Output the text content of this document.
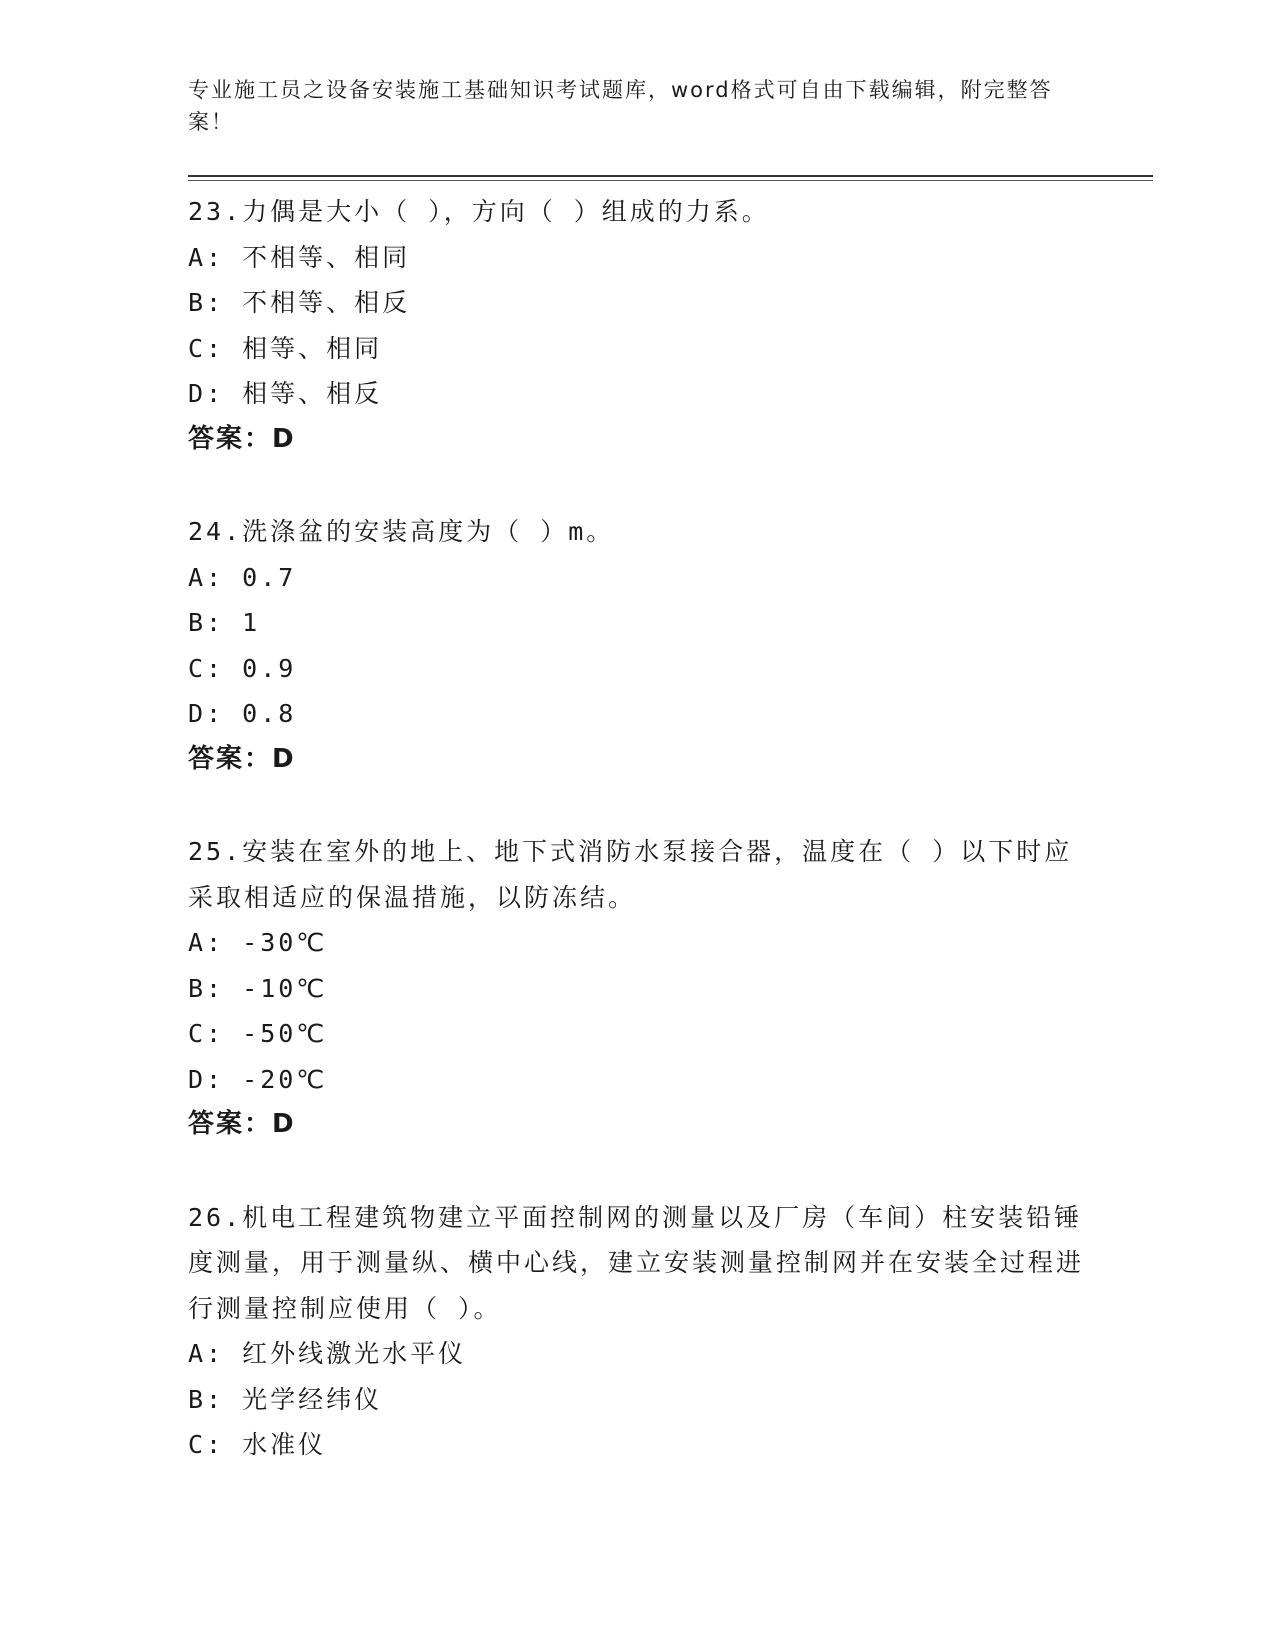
专业施工员之设备安装施工基础知识考试题库，word格式可自由下载编辑，附完整答案！

23.力偶是大小（ ），方向（ ）组成的力系。

A: 不相等、相同

B: 不相等、相反

C: 相等、相同

D: 相等、相反

答案：D

24.洗涤盆的安装高度为（ ）m。

A: 0.7

B: 1

C: 0.9

D: 0.8

答案：D

25.安装在室外的地上、地下式消防水泵接合器，温度在（ ）以下时应采取相适应的保温措施，以防冻结。

A: -30℃

B: -10℃

C: -50℃

D: -20℃

答案：D

26.机电工程建筑物建立平面控制网的测量以及厂房（车间）柱安装铅锤度测量，用于测量纵、横中心线，建立安装测量控制网并在安装全过程进行测量控制应使用（ ）。

A: 红外线激光水平仪

B: 光学经纬仪

C: 水准仪
